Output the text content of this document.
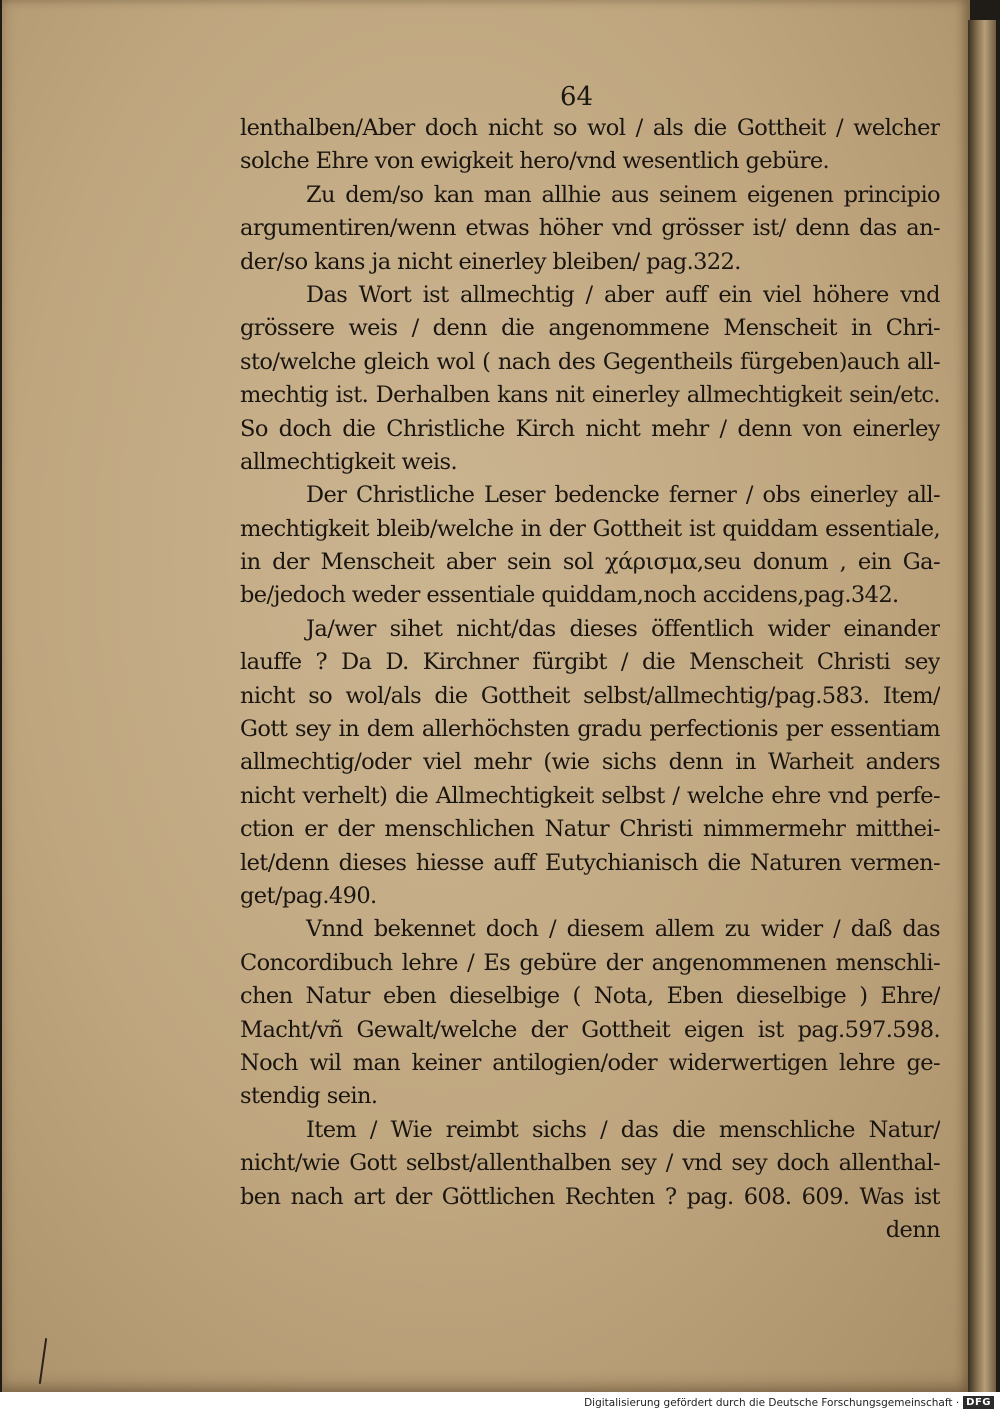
64
lenthalben/Aber doch nicht so wol / als die Gottheit / welcher
solche Ehre von ewigkeit hero/vnd wesentlich gebüre.
Zu dem/so kan man allhie aus seinem eigenen principio
argumentiren/wenn etwas höher vnd grösser ist/ denn das an-
der/so kans ja nicht einerley bleiben/ pag.322.
Das Wort ist allmechtig / aber auff ein viel höhere vnd
grössere weis / denn die angenommene Menscheit in Chri-
sto/welche gleich wol ( nach des Gegentheils fürgeben)auch all-
mechtig ist. Derhalben kans nit einerley allmechtigkeit sein/etc.
So doch die Christliche Kirch nicht mehr / denn von einerley
allmechtigkeit weis.
Der Christliche Leser bedencke ferner / obs einerley all-
mechtigkeit bleib/welche in der Gottheit ist quiddam essentiale,
in der Menscheit aber sein sol χάρισμα,seu donum , ein Ga-
be/jedoch weder essentiale quiddam,noch accidens,pag.342.
Ja/wer sihet nicht/das dieses öffentlich wider einander
lauffe ? Da D. Kirchner fürgibt / die Menscheit Christi sey
nicht so wol/als die Gottheit selbst/allmechtig/pag.583. Item/
Gott sey in dem allerhöchsten gradu perfectionis per essentiam
allmechtig/oder viel mehr (wie sichs denn in Warheit anders
nicht verhelt) die Allmechtigkeit selbst / welche ehre vnd perfe-
ction er der menschlichen Natur Christi nimmermehr mitthei-
let/denn dieses hiesse auff Eutychianisch die Naturen vermen-
get/pag.490.
Vnnd bekennet doch / diesem allem zu wider / daß das
Concordibuch lehre / Es gebüre der angenommenen menschli-
chen Natur eben dieselbige ( Nota, Eben dieselbige ) Ehre/
Macht/vñ Gewalt/welche der Gottheit eigen ist pag.597.598.
Noch wil man keiner antilogien/oder widerwertigen lehre ge-
stendig sein.
Item / Wie reimbt sichs / das die menschliche Natur/
nicht/wie Gott selbst/allenthalben sey / vnd sey doch allenthal-
ben nach art der Göttlichen Rechten ? pag. 608. 609. Was ist
denn
Digitalisierung gefördert durch die Deutsche Forschungsgemeinschaft · DFG
